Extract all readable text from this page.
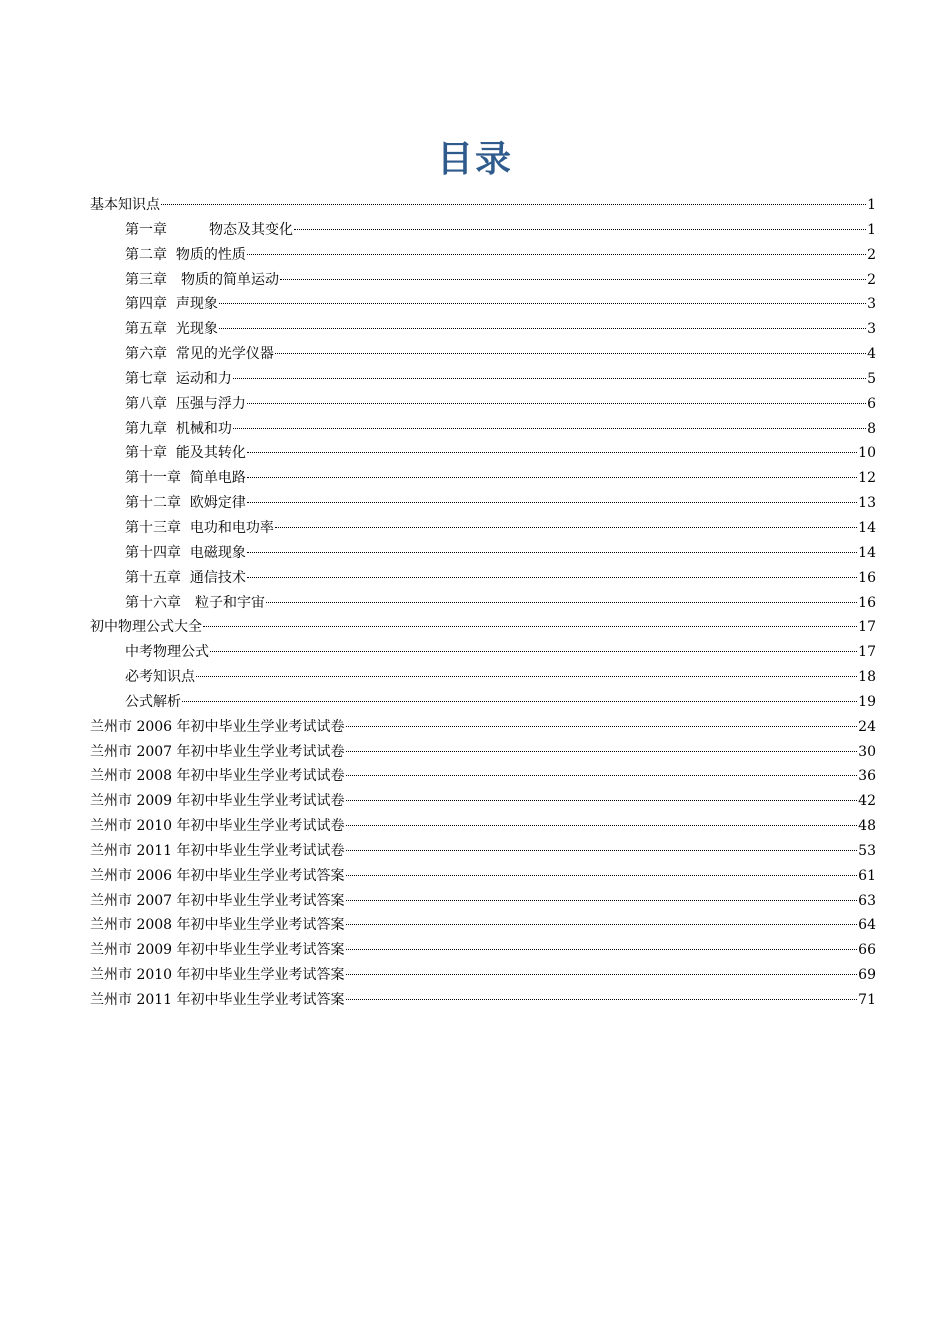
目录
基本知识点	1
第一章　　　物态及其变化	1
第二章  物质的性质	2
第三章　物质的简单运动	2
第四章  声现象	3
第五章  光现象	3
第六章  常见的光学仪器	4
第七章  运动和力	5
第八章  压强与浮力	6
第九章  机械和功	8
第十章  能及其转化	10
第十一章  简单电路	12
第十二章  欧姆定律	13
第十三章  电功和电功率	14
第十四章  电磁现象	14
第十五章  通信技术	16
第十六章　粒子和宇宙	16
初中物理公式大全	17
中考物理公式	17
必考知识点	18
公式解析	19
兰州市 2006 年初中毕业生学业考试试卷	24
兰州市 2007 年初中毕业生学业考试试卷	30
兰州市 2008 年初中毕业生学业考试试卷	36
兰州市 2009 年初中毕业生学业考试试卷	42
兰州市 2010 年初中毕业生学业考试试卷	48
兰州市 2011 年初中毕业生学业考试试卷	53
兰州市 2006 年初中毕业生学业考试答案	61
兰州市 2007 年初中毕业生学业考试答案	63
兰州市 2008 年初中毕业生学业考试答案	64
兰州市 2009 年初中毕业生学业考试答案	66
兰州市 2010 年初中毕业生学业考试答案	69
兰州市 2011 年初中毕业生学业考试答案	71
